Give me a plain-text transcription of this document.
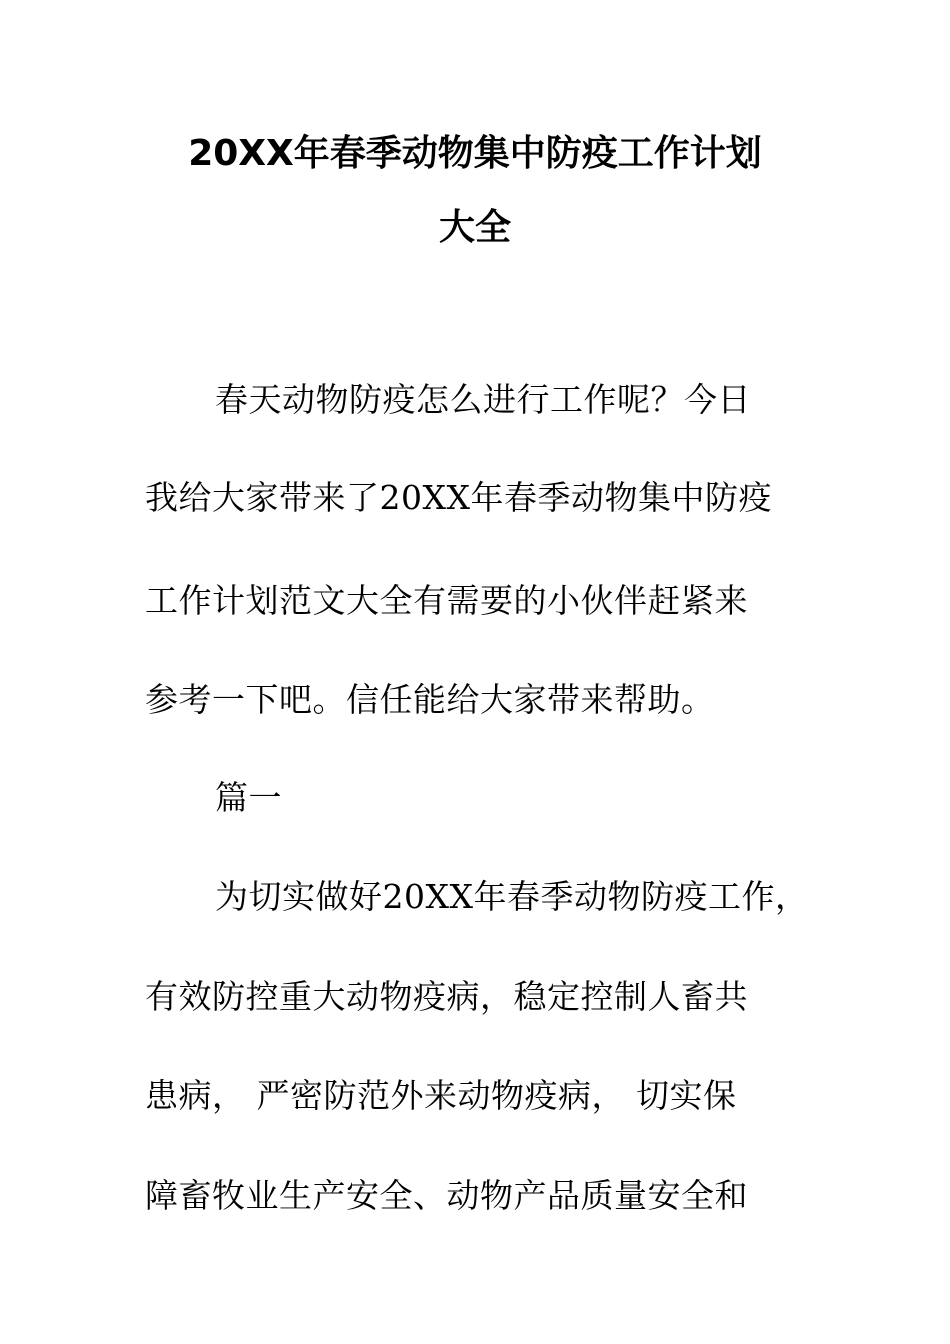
20XX年春季动物集中防疫工作计划
大全
春天动物防疫怎么进行工作呢？今日
我给大家带来了20XX年春季动物集中防疫
工作计划范文大全有需要的小伙伴赶紧来
参考一下吧。信任能给大家带来帮助。
篇一
为切实做好20XX年春季动物防疫工作，
有效防控重大动物疫病，稳定控制人畜共
患病， 严密防范外来动物疫病， 切实保
障畜牧业生产安全、动物产品质量安全和
